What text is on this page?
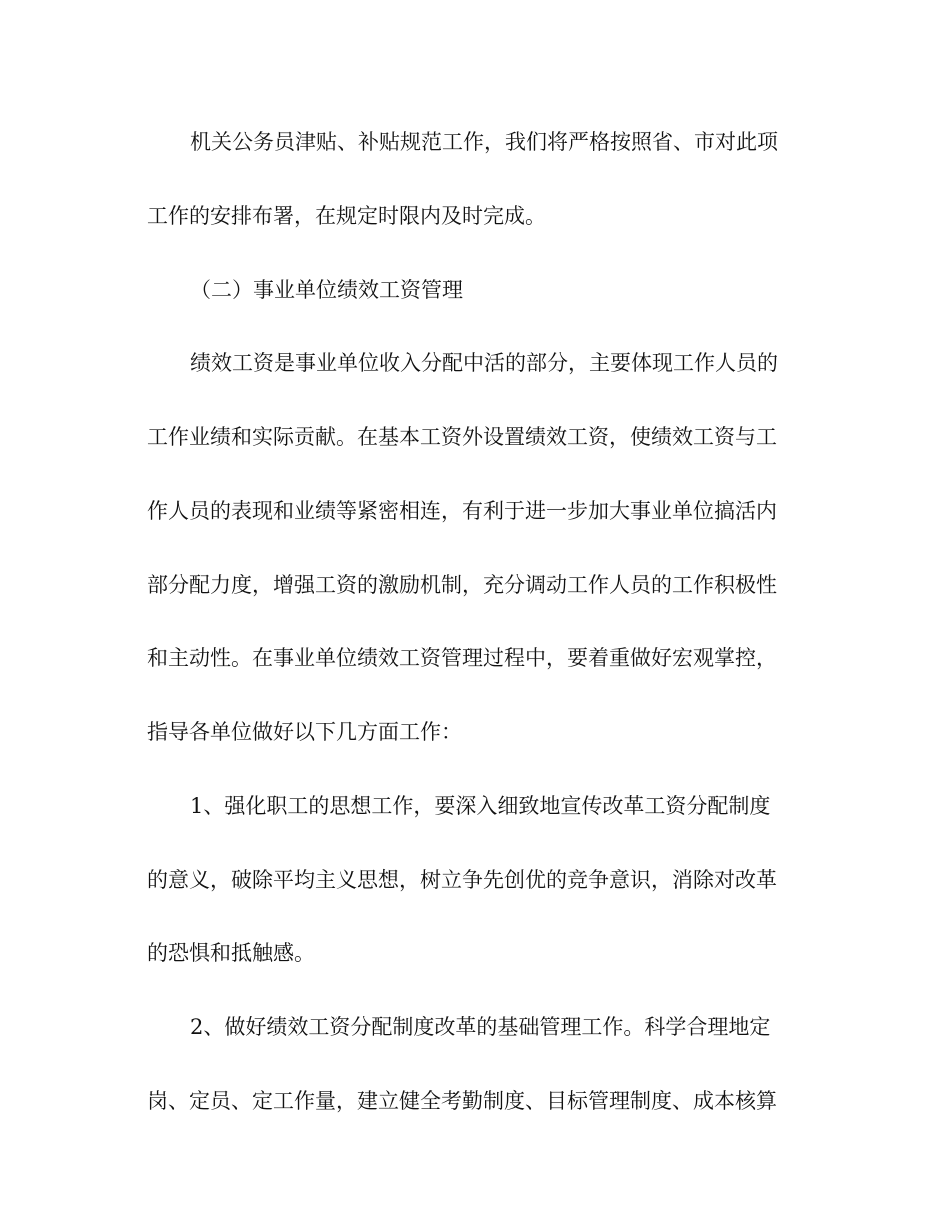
机关公务员津贴、补贴规范工作，我们将严格按照省、市对此项
工作的安排布署，在规定时限内及时完成。
（二）事业单位绩效工资管理
绩效工资是事业单位收入分配中活的部分，主要体现工作人员的
工作业绩和实际贡献。在基本工资外设置绩效工资，使绩效工资与工
作人员的表现和业绩等紧密相连，有利于进一步加大事业单位搞活内
部分配力度，增强工资的激励机制，充分调动工作人员的工作积极性
和主动性。在事业单位绩效工资管理过程中，要着重做好宏观掌控，
指导各单位做好以下几方面工作：
1、强化职工的思想工作，要深入细致地宣传改革工资分配制度
的意义，破除平均主义思想，树立争先创优的竞争意识，消除对改革
的恐惧和抵触感。
2、做好绩效工资分配制度改革的基础管理工作。科学合理地定
岗、定员、定工作量，建立健全考勤制度、目标管理制度、成本核算
